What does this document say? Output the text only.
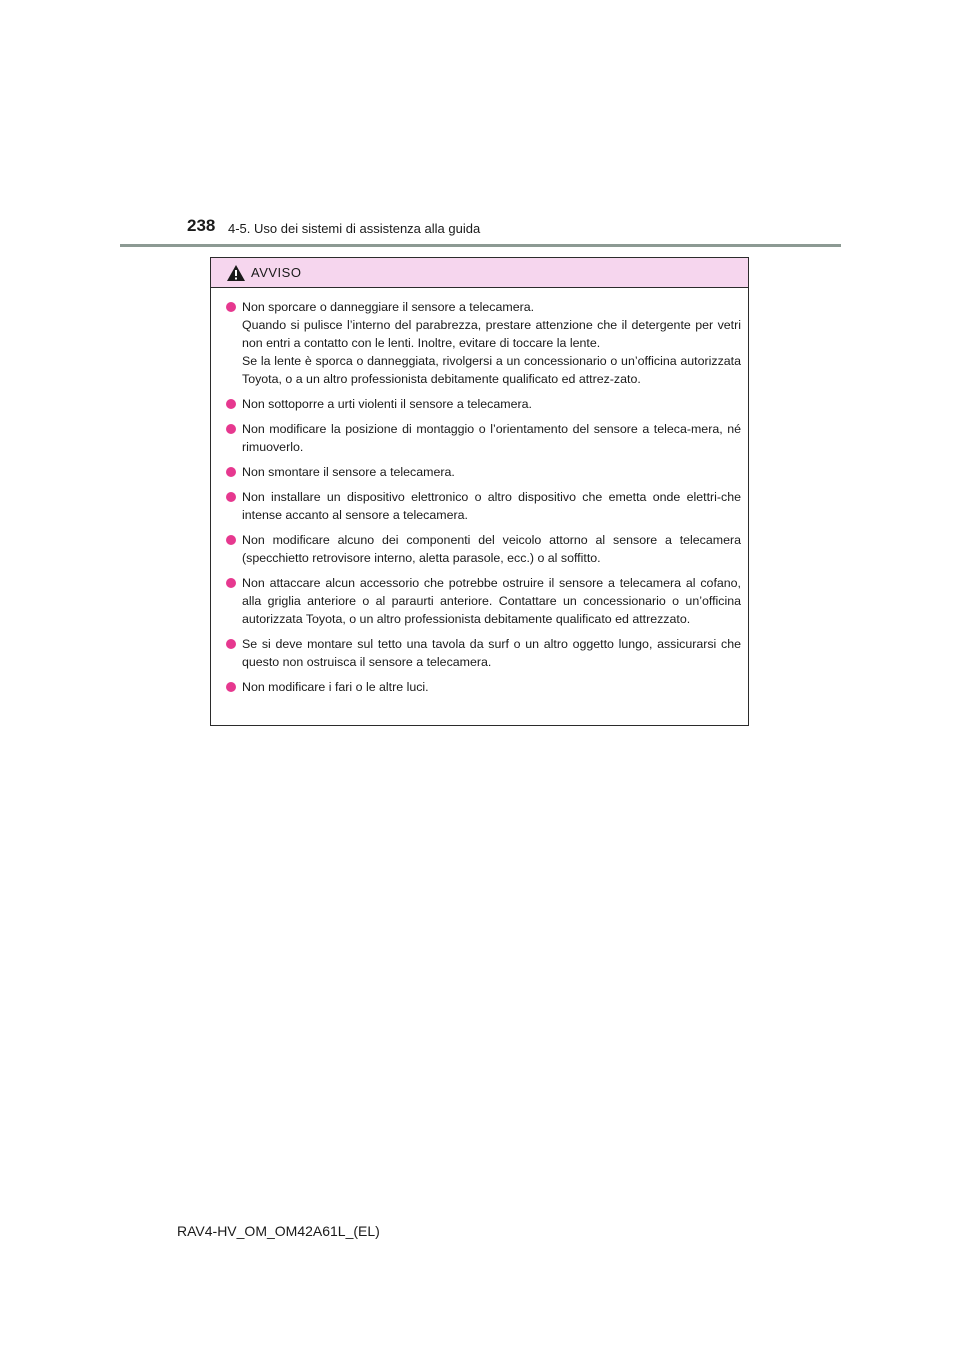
238 4-5. Uso dei sistemi di assistenza alla guida
AVVISO
Non sporcare o danneggiare il sensore a telecamera.
Quando si pulisce l’interno del parabrezza, prestare attenzione che il detergente per vetri non entri a contatto con le lenti. Inoltre, evitare di toccare la lente.
Se la lente è sporca o danneggiata, rivolgersi a un concessionario o un’officina autorizzata Toyota, o a un altro professionista debitamente qualificato ed attrez-zato.
Non sottoporre a urti violenti il sensore a telecamera.
Non modificare la posizione di montaggio o l’orientamento del sensore a teleca-mera, né rimuoverlo.
Non smontare il sensore a telecamera.
Non installare un dispositivo elettronico o altro dispositivo che emetta onde elettri-che intense accanto al sensore a telecamera.
Non modificare alcuno dei componenti del veicolo attorno al sensore a telecamera (specchietto retrovisore interno, aletta parasole, ecc.) o al soffitto.
Non attaccare alcun accessorio che potrebbe ostruire il sensore a telecamera al cofano, alla griglia anteriore o al paraurti anteriore. Contattare un concessionario o un’officina autorizzata Toyota, o un altro professionista debitamente qualificato ed attrezzato.
Se si deve montare sul tetto una tavola da surf o un altro oggetto lungo, assicurarsi che questo non ostruisca il sensore a telecamera.
Non modificare i fari o le altre luci.
RAV4-HV_OM_OM42A61L_(EL)
